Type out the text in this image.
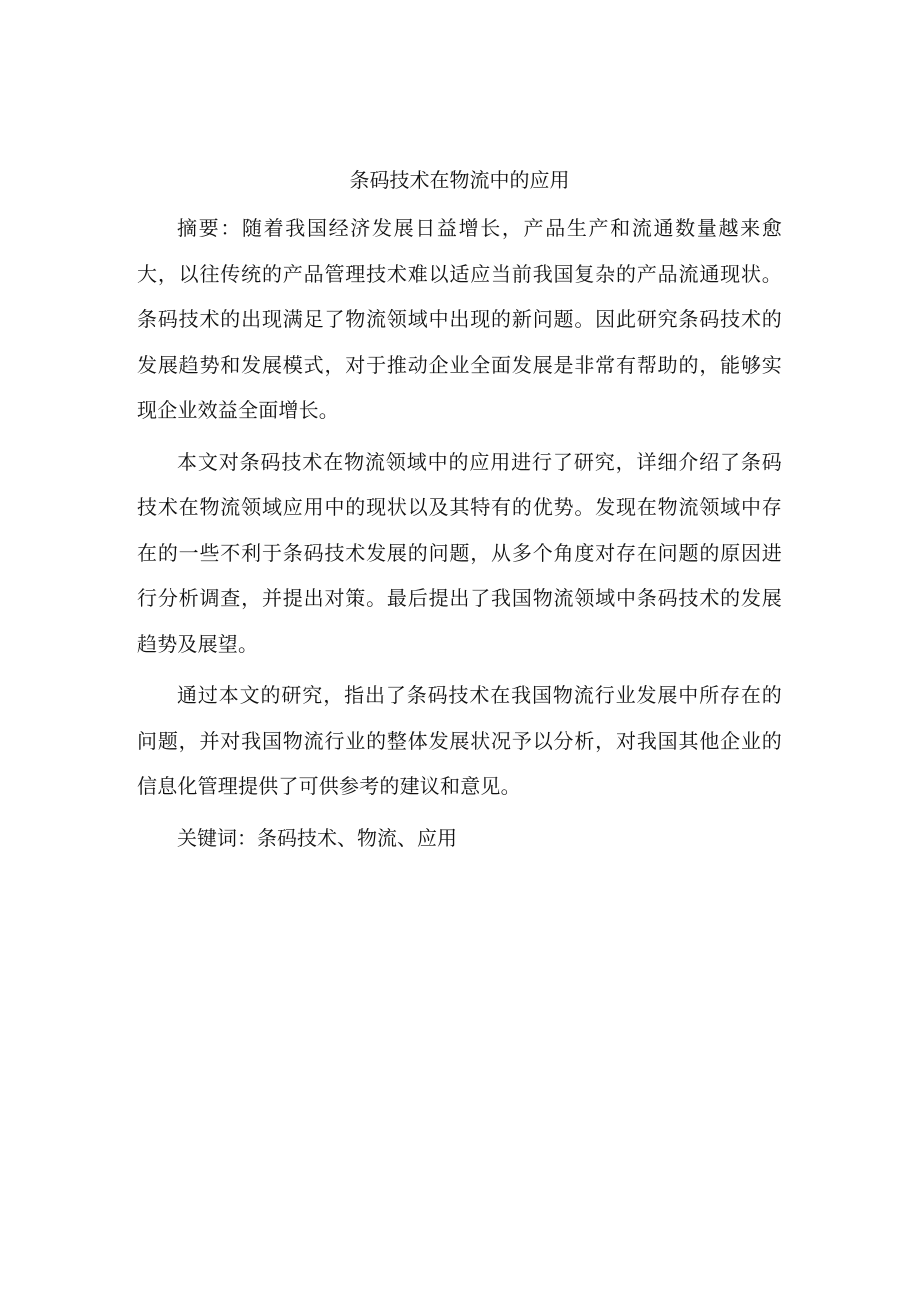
条码技术在物流中的应用

摘要：随着我国经济发展日益增长，产品生产和流通数量越来愈大，以往传统的产品管理技术难以适应当前我国复杂的产品流通现状。条码技术的出现满足了物流领域中出现的新问题。因此研究条码技术的发展趋势和发展模式，对于推动企业全面发展是非常有帮助的，能够实现企业效益全面增长。

本文对条码技术在物流领域中的应用进行了研究，详细介绍了条码技术在物流领域应用中的现状以及其特有的优势。发现在物流领域中存在的一些不利于条码技术发展的问题，从多个角度对存在问题的原因进行分析调查，并提出对策。最后提出了我国物流领域中条码技术的发展趋势及展望。

通过本文的研究，指出了条码技术在我国物流行业发展中所存在的问题，并对我国物流行业的整体发展状况予以分析，对我国其他企业的信息化管理提供了可供参考的建议和意见。

关键词：条码技术、物流、应用
